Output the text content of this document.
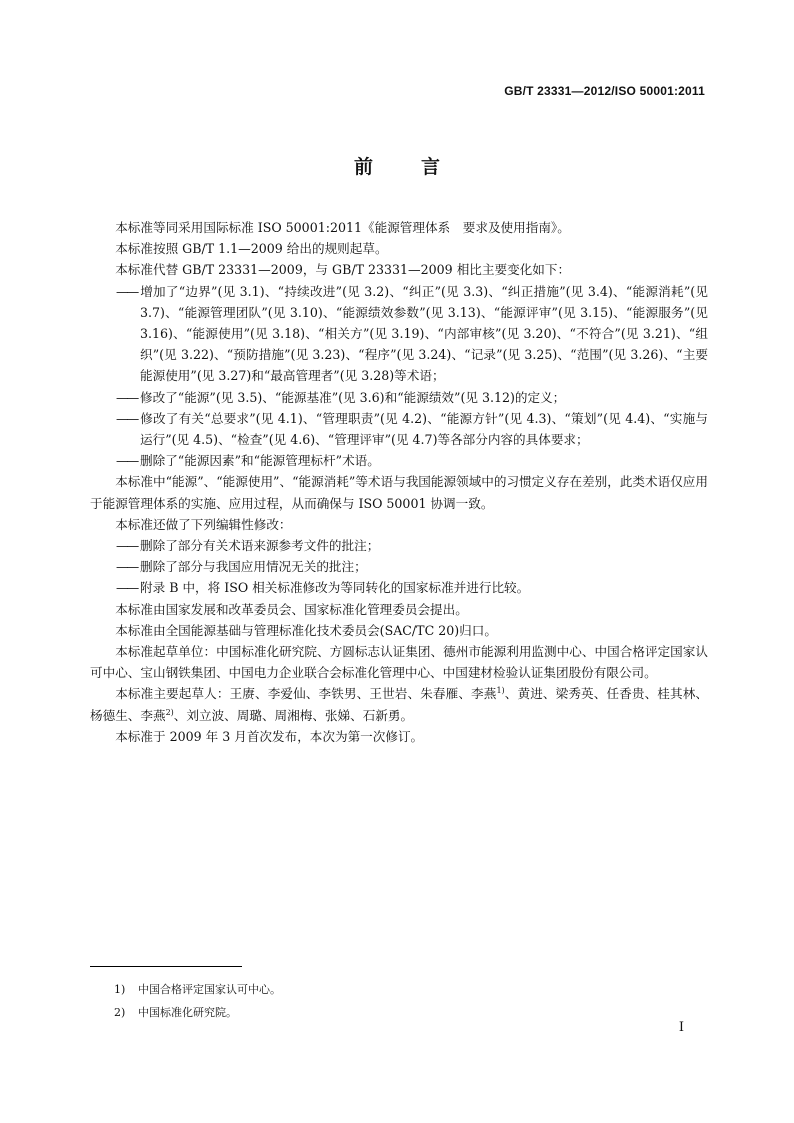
GB/T 23331—2012/ISO 50001:2011
前	言

本标准等同采用国际标准 ISO 50001:2011《能源管理体系　要求及使用指南》。

本标准按照 GB/T 1.1—2009 给出的规则起草。

本标准代替 GB/T 23331—2009，与 GB/T 23331—2009 相比主要变化如下：

—— 增加了“边界”(见 3.1)、“持续改进”(见 3.2)、“纠正”(见 3.3)、“纠正措施”(见 3.4)、“能源消耗”(见 3.7)、“能源管理团队”(见 3.10)、“能源绩效参数”(见 3.13)、“能源评审”(见 3.15)、“能源服务”(见 3.16)、“能源使用”(见 3.18)、“相关方”(见 3.19)、“内部审核”(见 3.20)、“不符合”(见 3.21)、“组织”(见 3.22)、“预防措施”(见 3.23)、“程序”(见 3.24)、“记录”(见 3.25)、“范围”(见 3.26)、“主要能源使用”(见 3.27)和“最高管理者”(见 3.28)等术语；

—— 修改了“能源”(见 3.5)、“能源基准”(见 3.6)和“能源绩效”(见 3.12)的定义；

—— 修改了有关“总要求”(见 4.1)、“管理职责”(见 4.2)、“能源方针”(见 4.3)、“策划”(见 4.4)、“实施与运行”(见 4.5)、“检查”(见 4.6)、“管理评审”(见 4.7)等各部分内容的具体要求；

—— 删除了“能源因素”和“能源管理标杆”术语。

本标准中“能源”、“能源使用”、“能源消耗”等术语与我国能源领域中的习惯定义存在差别，此类术语仅应用于能源管理体系的实施、应用过程，从而确保与 ISO 50001 协调一致。

本标准还做了下列编辑性修改：

—— 删除了部分有关术语来源参考文件的批注；

—— 删除了部分与我国应用情况无关的批注；

—— 附录 B 中，将 ISO 相关标准修改为等同转化的国家标准并进行比较。

本标准由国家发展和改革委员会、国家标准化管理委员会提出。

本标准由全国能源基础与管理标准化技术委员会(SAC/TC 20)归口。

本标准起草单位：中国标准化研究院、方圆标志认证集团、德州市能源利用监测中心、中国合格评定国家认可中心、宝山钢铁集团、中国电力企业联合会标准化管理中心、中国建材检验认证集团股份有限公司。

本标准主要起草人：王赓、李爱仙、李铁男、王世岩、朱春雁、李燕$^{1)}$、黄进、梁秀英、任香贵、桂其林、杨德生、李燕$^{2)}$、刘立波、周璐、周湘梅、张娣、石新勇。

本标准于 2009 年 3 月首次发布，本次为第一次修订。

1) 中国合格评定国家认可中心。
2) 中国标准化研究院。
I
